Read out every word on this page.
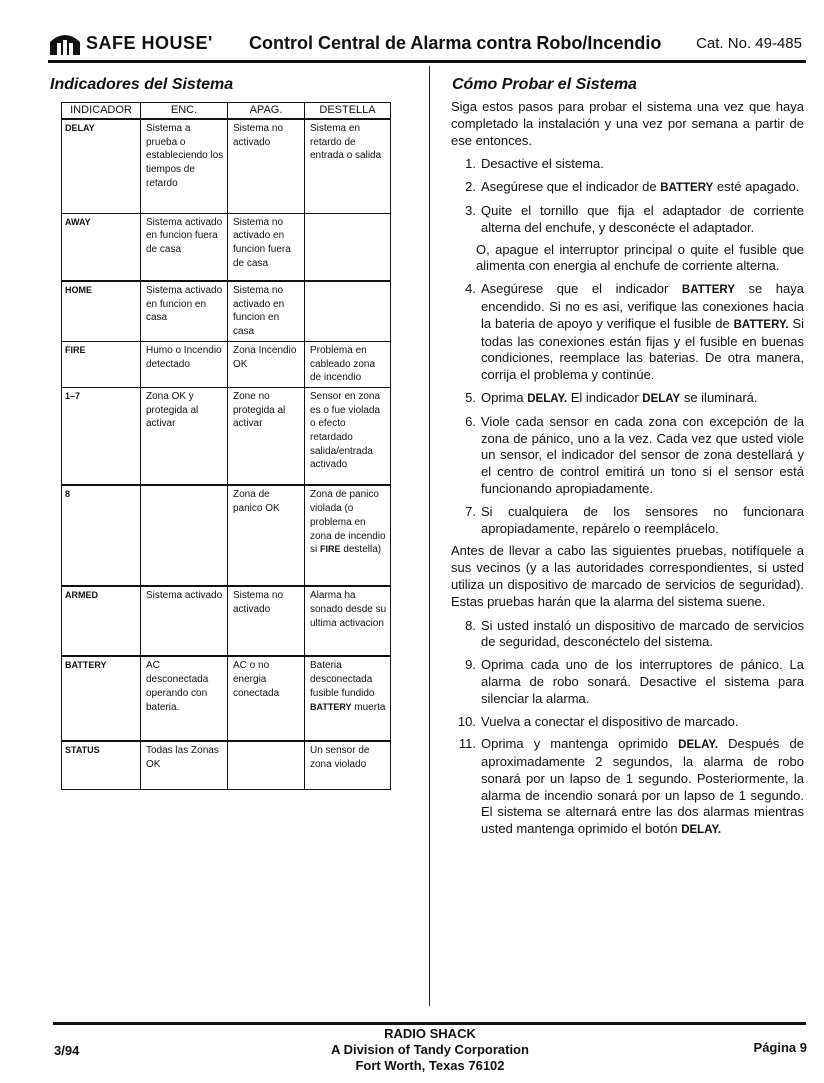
SAFE HOUSE' Control Central de Alarma contra Robo/Incendio Cat. No. 49-485
Indicadores del Sistema
INDICADOR	ENC.	APAG.	DESTELLA
DELAY	Sistema a prueba o estableciendo los tiempos de retardo	Sistema no activado	Sistema en retardo de entrada o salida
AWAY	Sistema activado en funcion fuera de casa	Sistema no activado en funcion fuera de casa	
HOME	Sistema activado en funcion en casa	Sistema no activado en funcion en casa	
FIRE	Humo o Incendio detectado	Zona Incendio OK	Problema en cableado zona de incendio
1–7	Zona OK y protegida al activar	Zone no protegida al activar	Sensor en zona es o fue violada o efecto retardado salida/entrada activado
8		Zona de panico OK	Zona de panico violada (o problema en zona de incendio si FIRE destella)
ARMED	Sistema activado	Sistema no activado	Alarma ha sonado desde su ultima activacion
BATTERY	AC desconectada operando con bateria.	AC o no energia conectada	Bateria desconectada fusible fundido BATTERY muerta
STATUS	Todas las Zonas OK		Un sensor de zona violado
Cómo Probar el Sistema

Siga estos pasos para probar el sistema una vez que haya completado la instalación y una vez por semana a partir de ese entonces.

1. Desactive el sistema.
2. Asegúrese que el indicador de BATTERY esté apagado.
3. Quite el tornillo que fija el adaptador de corriente alterna del enchufe, y desconécte el adaptador.
O, apague el interruptor principal o quite el fusible que alimenta con energia al enchufe de corriente alterna.
4. Asegúrese que el indicador BATTERY se haya encendido. Si no es asi, verifique las conexiones hacia la bateria de apoyo y verifique el fusible de BATTERY. Si todas las conexiones están fijas y el fusible en buenas condiciones, reemplace las baterias. De otra manera, corrija el problema y continúe.
5. Oprima DELAY. El indicador DELAY se iluminará.
6. Viole cada sensor en cada zona con excepción de la zona de pánico, uno a la vez. Cada vez que usted viole un sensor, el indicador del sensor de zona destellará y el centro de control emitirá un tono si el sensor está funcionando apropiadamente.
7. Si cualquiera de los sensores no funcionara apropiadamente, repárelo o reemplácelo.

Antes de llevar a cabo las siguientes pruebas, notifíquele a sus vecinos (y a las autoridades correspondientes, si usted utiliza un dispositivo de marcado de servicios de seguridad). Estas pruebas harán que la alarma del sistema suene.

8. Si usted instaló un dispositivo de marcado de servicios de seguridad, desconéctelo del sistema.
9. Oprima cada uno de los interruptores de pánico. La alarma de robo sonará. Desactive el sistema para silenciar la alarma.
10. Vuelva a conectar el dispositivo de marcado.
11. Oprima y mantenga oprimido DELAY. Después de aproximadamente 2 segundos, la alarma de robo sonará por un lapso de 1 segundo. Posteriormente, la alarma de incendio sonará por un lapso de 1 segundo. El sistema se alternará entre las dos alarmas mientras usted mantenga oprimido el botón DELAY.
3/94
RADIO SHACK
A Division of Tandy Corporation
Fort Worth, Texas 76102
Página 9
